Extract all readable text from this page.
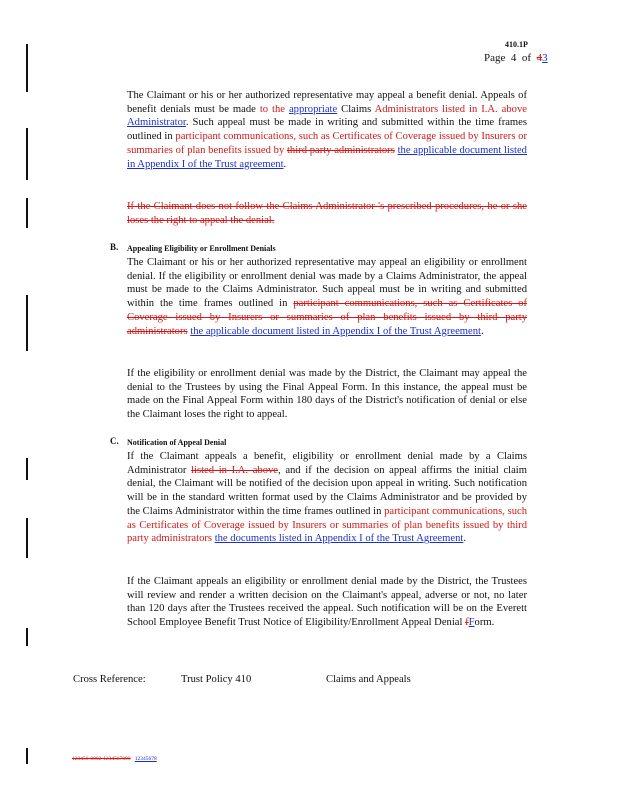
410.1P
Page 4 of 43
The Claimant or his or her authorized representative may appeal a benefit denial. Appeals of benefit denials must be made to the appropriate Claims Administrators listed in I.A. above Administrator. Such appeal must be made in writing and submitted within the time frames outlined in participant communications, such as Certificates of Coverage issued by Insurers or summaries of plan benefits issued by third party administrators the applicable document listed in Appendix I of the Trust agreement.
If the Claimant does not follow the Claims Administrator 's prescribed procedures, he or she loses the right to appeal the denial.
B. Appealing Eligibility or Enrollment Denials
The Claimant or his or her authorized representative may appeal an eligibility or enrollment denial. If the eligibility or enrollment denial was made by a Claims Administrator, the appeal must be made to the Claims Administrator. Such appeal must be in writing and submitted within the time frames outlined in participant communications, such as Certificates of Coverage issued by Insurers or summaries of plan benefits issued by third party administrators the applicable document listed in Appendix I of the Trust Agreement.
If the eligibility or enrollment denial was made by the District, the Claimant may appeal the denial to the Trustees by using the Final Appeal Form. In this instance, the appeal must be made on the Final Appeal Form within 180 days of the District's notification of denial or else the Claimant loses the right to appeal.
C. Notification of Appeal Denial
If the Claimant appeals a benefit, eligibility or enrollment denial made by a Claims Administrator listed in I.A. above, and if the decision on appeal affirms the initial claim denial, the Claimant will be notified of the decision upon appeal in writing. Such notification will be in the standard written format used by the Claims Administrator and be provided by the Claims Administrator within the time frames outlined in participant communications, such as Certificates of Coverage issued by Insurers or summaries of plan benefits issued by third party administrators the documents listed in Appendix I of the Trust Agreement.
If the Claimant appeals an eligibility or enrollment denial made by the District, the Trustees will review and render a written decision on the Claimant's appeal, adverse or not, no later than 120 days after the Trustees received the appeal. Such notification will be on the Everett School Employee Benefit Trust Notice of Eligibility/Enrollment Appeal Denial fForm.
Cross Reference:	Trust Policy 410	Claims and Appeals
123456-0002-1234567890 12345678
